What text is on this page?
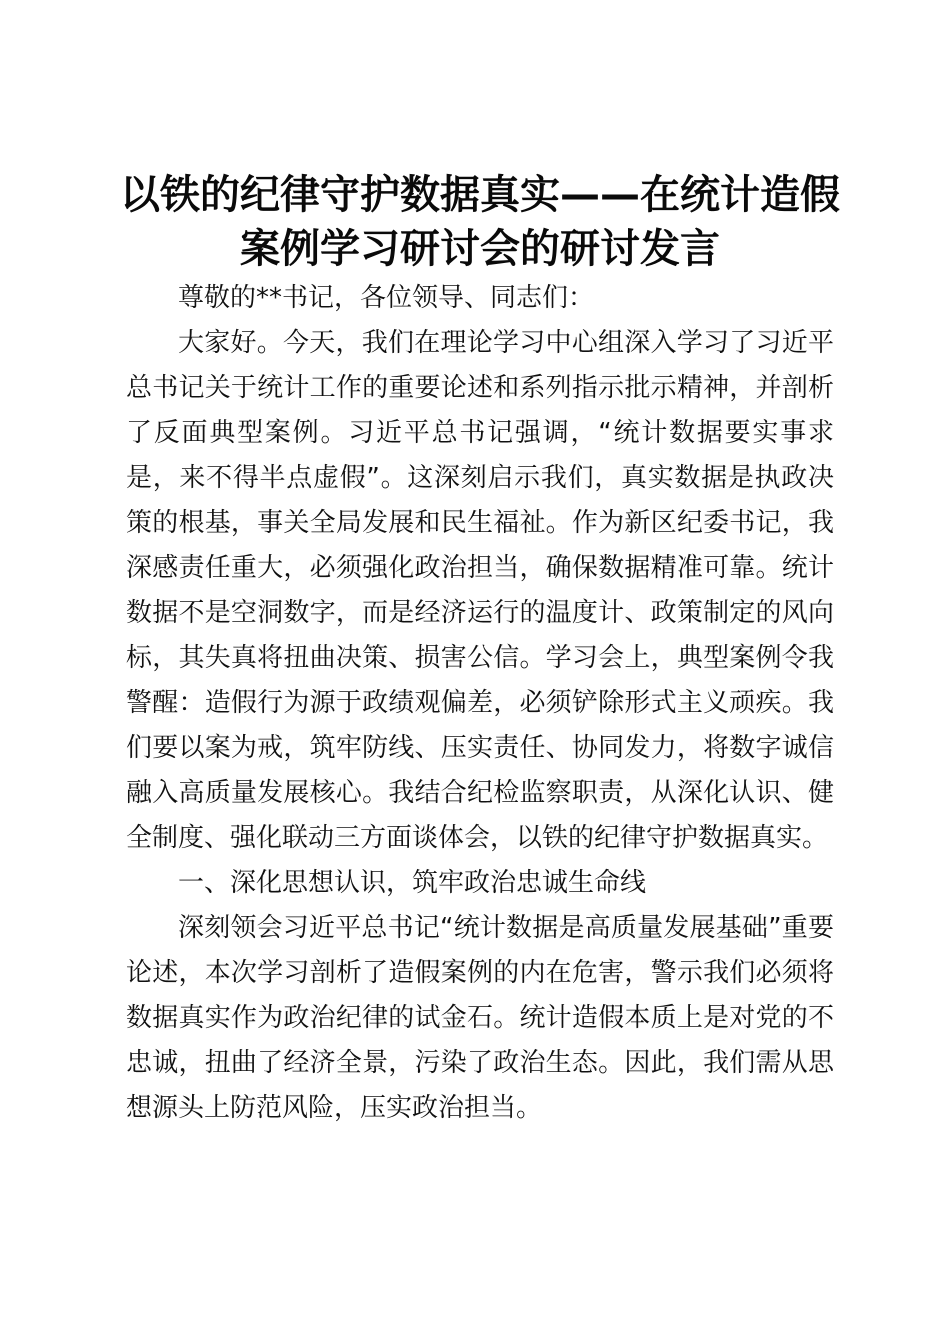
以铁的纪律守护数据真实——在统计造假案例学习研讨会的研讨发言

尊敬的**书记，各位领导、同志们：

大家好。今天，我们在理论学习中心组深入学习了习近平总书记关于统计工作的重要论述和系列指示批示精神，并剖析了反面典型案例。习近平总书记强调，“统计数据要实事求是，来不得半点虚假”。这深刻启示我们，真实数据是执政决策的根基，事关全局发展和民生福祉。作为新区纪委书记，我深感责任重大，必须强化政治担当，确保数据精准可靠。统计数据不是空洞数字，而是经济运行的温度计、政策制定的风向标，其失真将扭曲决策、损害公信。学习会上，典型案例令我警醒：造假行为源于政绩观偏差，必须铲除形式主义顽疾。我们要以案为戒，筑牢防线、压实责任、协同发力，将数字诚信融入高质量发展核心。我结合纪检监察职责，从深化认识、健全制度、强化联动三方面谈体会，以铁的纪律守护数据真实。

一、深化思想认识，筑牢政治忠诚生命线

深刻领会习近平总书记“统计数据是高质量发展基础”重要论述，本次学习剖析了造假案例的内在危害，警示我们必须将数据真实作为政治纪律的试金石。统计造假本质上是对党的不忠诚，扭曲了经济全景，污染了政治生态。因此，我们需从思想源头上防范风险，压实政治担当。
